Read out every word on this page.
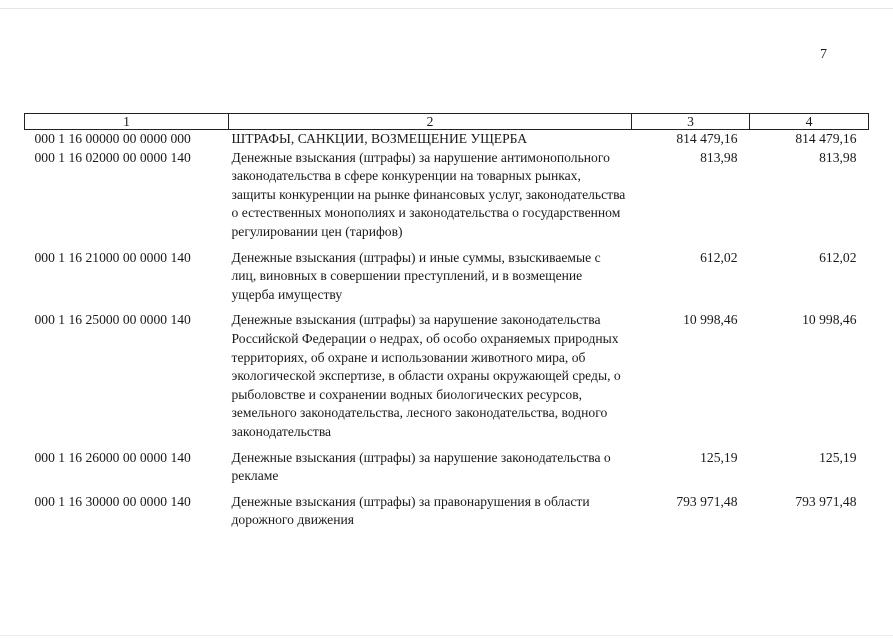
7
1	2	3	4
000 1 16 00000 00 0000 000	ШТРАФЫ, САНКЦИИ, ВОЗМЕЩЕНИЕ УЩЕРБА	814 479,16	814 479,16
000 1 16 02000 00 0000 140	Денежные взыскания (штрафы) за нарушение антимонопольного законодательства в сфере конкуренции на товарных рынках, защиты конкуренции на рынке финансовых услуг, законодательства о естественных монополиях и законодательства о государственном регулировании цен (тарифов)	813,98	813,98
000 1 16 21000 00 0000 140	Денежные взыскания (штрафы) и иные суммы, взыскиваемые с лиц, виновных в совершении преступлений, и в возмещение ущерба имуществу	612,02	612,02
000 1 16 25000 00 0000 140	Денежные взыскания (штрафы) за нарушение законодательства Российской Федерации о недрах, об особо охраняемых природных территориях, об охране и использовании животного мира, об экологической экспертизе, в области охраны окружающей среды, о рыболовстве и сохранении водных биологических ресурсов, земельного законодательства, лесного законодательства, водного законодательства	10 998,46	10 998,46
000 1 16 26000 00 0000 140	Денежные взыскания (штрафы) за нарушение законодательства о рекламе	125,19	125,19
000 1 16 30000 00 0000 140	Денежные взыскания (штрафы) за правонарушения в области дорожного движения	793 971,48	793 971,48
